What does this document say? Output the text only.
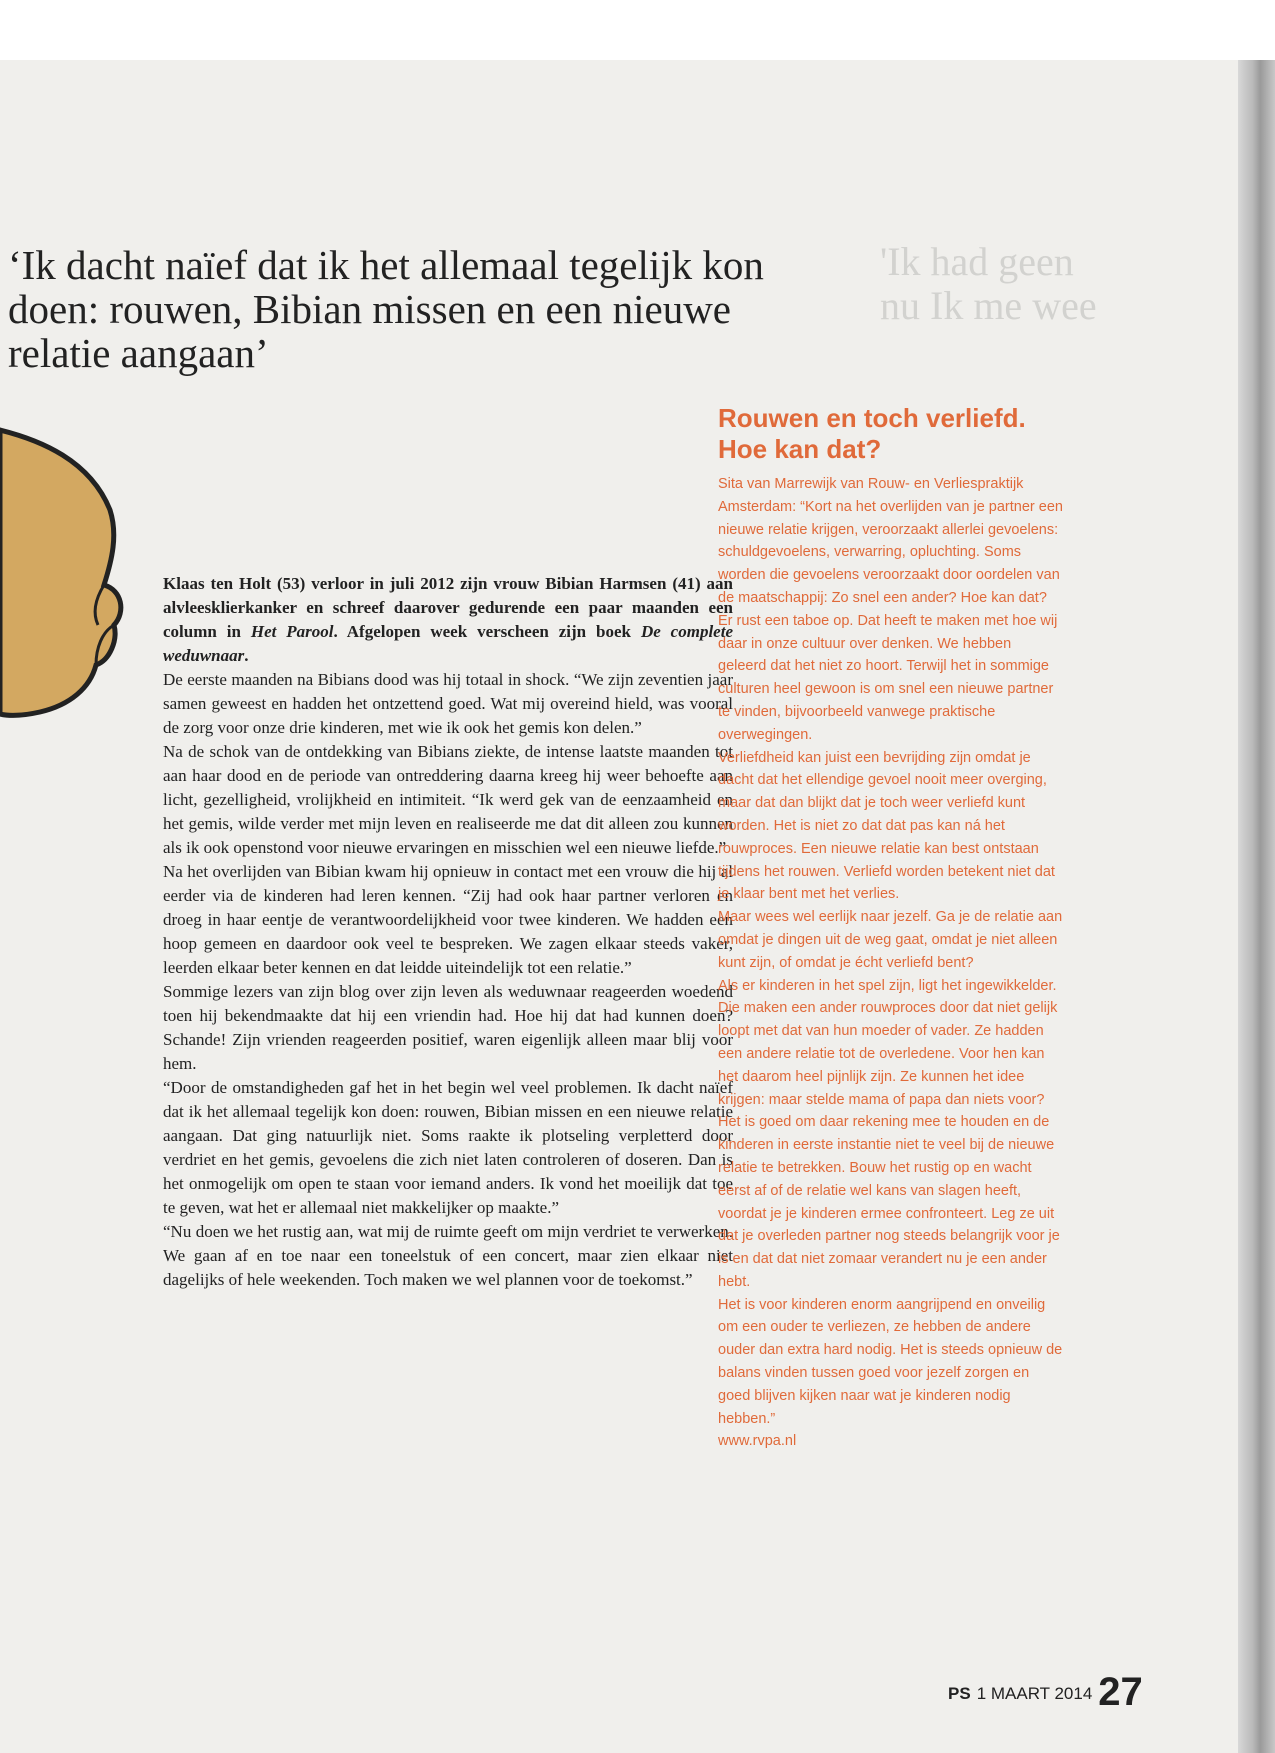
'Ik had geen
nu Ik me wee
‘Ik dacht naïef dat ik het allemaal tegelijk kon
doen: rouwen, Bibian missen en een nieuwe
relatie aangaan’

Klaas ten Holt (53) verloor in juli 2012 zijn vrouw Bibian Harmsen (41) aan alvleesklierkanker en schreef daarover gedurende een paar maanden een column in Het Parool. Afgelopen week verscheen zijn boek De complete weduwnaar.

De eerste maanden na Bibians dood was hij totaal in shock. “We zijn zeventien jaar samen geweest en hadden het ontzettend goed. Wat mij overeind hield, was vooral de zorg voor onze drie kinderen, met wie ik ook het gemis kon delen.”

Na de schok van de ontdekking van Bibians ziekte, de intense laatste maanden tot aan haar dood en de periode van ontreddering daarna kreeg hij weer behoefte aan licht, gezelligheid, vrolijkheid en intimiteit. “Ik werd gek van de eenzaamheid en het gemis, wilde verder met mijn leven en realiseerde me dat dit alleen zou kunnen als ik ook openstond voor nieuwe ervaringen en misschien wel een nieuwe liefde.”

Na het overlijden van Bibian kwam hij opnieuw in contact met een vrouw die hij al eerder via de kinderen had leren kennen. “Zij had ook haar partner verloren en droeg in haar eentje de verantwoordelijkheid voor twee kinderen. We hadden een hoop gemeen en daardoor ook veel te bespreken. We zagen elkaar steeds vaker, leerden elkaar beter kennen en dat leidde uiteindelijk tot een relatie.”

Sommige lezers van zijn blog over zijn leven als weduwnaar reageerden woedend toen hij bekendmaakte dat hij een vriendin had. Hoe hij dat had kunnen doen? Schande! Zijn vrienden reageerden positief, waren eigenlijk alleen maar blij voor hem.

“Door de omstandigheden gaf het in het begin wel veel problemen. Ik dacht naïef dat ik het allemaal tegelijk kon doen: rouwen, Bibian missen en een nieuwe relatie aangaan. Dat ging natuurlijk niet. Soms raakte ik plotseling verpletterd door verdriet en het gemis, gevoelens die zich niet laten controleren of doseren. Dan is het onmogelijk om open te staan voor iemand anders. Ik vond het moeilijk dat toe te geven, wat het er allemaal niet makkelijker op maakte.”

“Nu doen we het rustig aan, wat mij de ruimte geeft om mijn verdriet te verwerken. We gaan af en toe naar een toneelstuk of een concert, maar zien elkaar niet dagelijks of hele weekenden. Toch maken we wel plannen voor de toekomst.”

Rouwen en toch verliefd.
Hoe kan dat?

Sita van Marrewijk van Rouw- en Verliespraktijk Amsterdam: “Kort na het overlijden van je partner een nieuwe relatie krijgen, veroorzaakt allerlei gevoelens: schuldgevoelens, verwarring, opluchting. Soms worden die gevoelens veroorzaakt door oordelen van de maatschappij: Zo snel een ander? Hoe kan dat? Er rust een taboe op. Dat heeft te maken met hoe wij daar in onze cultuur over denken. We hebben geleerd dat het niet zo hoort. Terwijl het in sommige culturen heel gewoon is om snel een nieuwe partner te vinden, bijvoorbeeld vanwege praktische overwegingen.

Verliefdheid kan juist een bevrijding zijn omdat je dacht dat het ellendige gevoel nooit meer overging, maar dat dan blijkt dat je toch weer verliefd kunt worden. Het is niet zo dat dat pas kan ná het rouwproces. Een nieuwe relatie kan best ontstaan tijdens het rouwen. Verliefd worden betekent niet dat je klaar bent met het verlies.

Maar wees wel eerlijk naar jezelf. Ga je de relatie aan omdat je dingen uit de weg gaat, omdat je niet alleen kunt zijn, of omdat je écht verliefd bent?

Als er kinderen in het spel zijn, ligt het ingewikkelder. Die maken een ander rouwproces door dat niet gelijk loopt met dat van hun moeder of vader. Ze hadden een andere relatie tot de overledene. Voor hen kan het daarom heel pijnlijk zijn. Ze kunnen het idee krijgen: maar stelde mama of papa dan niets voor? Het is goed om daar rekening mee te houden en de kinderen in eerste instantie niet te veel bij de nieuwe relatie te betrekken. Bouw het rustig op en wacht eerst af of de relatie wel kans van slagen heeft, voordat je je kinderen ermee confronteert. Leg ze uit dat je overleden partner nog steeds belangrijk voor je is en dat dat niet zomaar verandert nu je een ander hebt.

Het is voor kinderen enorm aangrijpend en onveilig om een ouder te verliezen, ze hebben de andere ouder dan extra hard nodig. Het is steeds opnieuw de balans vinden tussen goed voor jezelf zorgen en goed blijven kijken naar wat je kinderen nodig hebben.”

www.rvpa.nl

PS 1 MAART 2014 27
